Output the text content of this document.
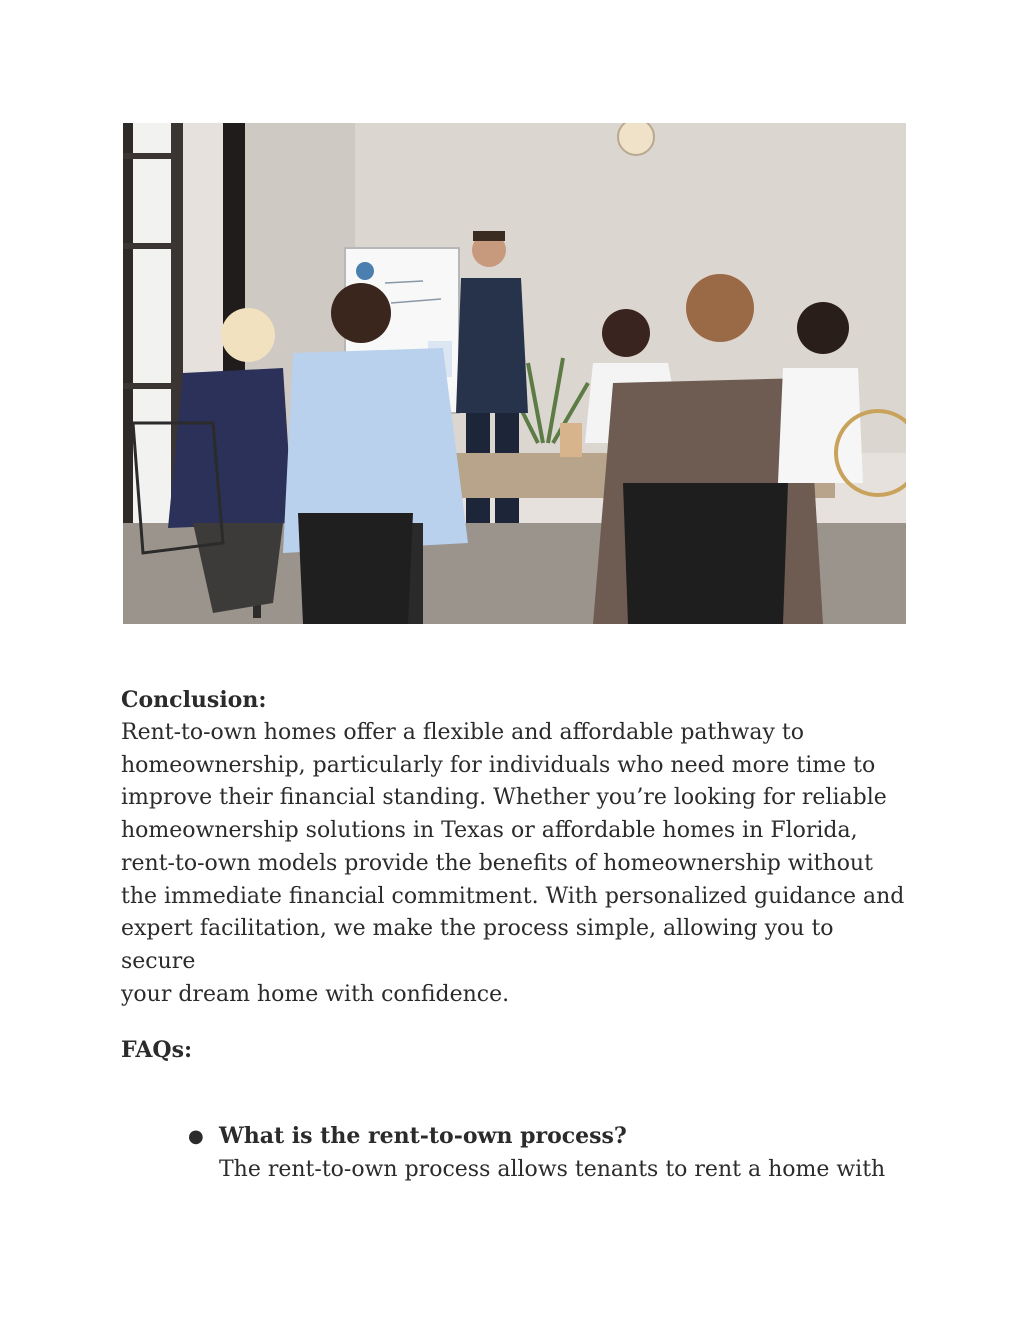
Conclusion:

Rent-to-own homes offer a flexible and affordable pathway to
homeownership, particularly for individuals who need more time to
improve their financial standing. Whether you’re looking for reliable
homeownership solutions in Texas or affordable homes in Florida,
rent-to-own models provide the benefits of homeownership without
the immediate financial commitment. With personalized guidance and
expert facilitation, we make the process simple, allowing you to secure
your dream home with confidence.

FAQs:
● What is the rent-to-own process?
The rent-to-own process allows tenants to rent a home with
